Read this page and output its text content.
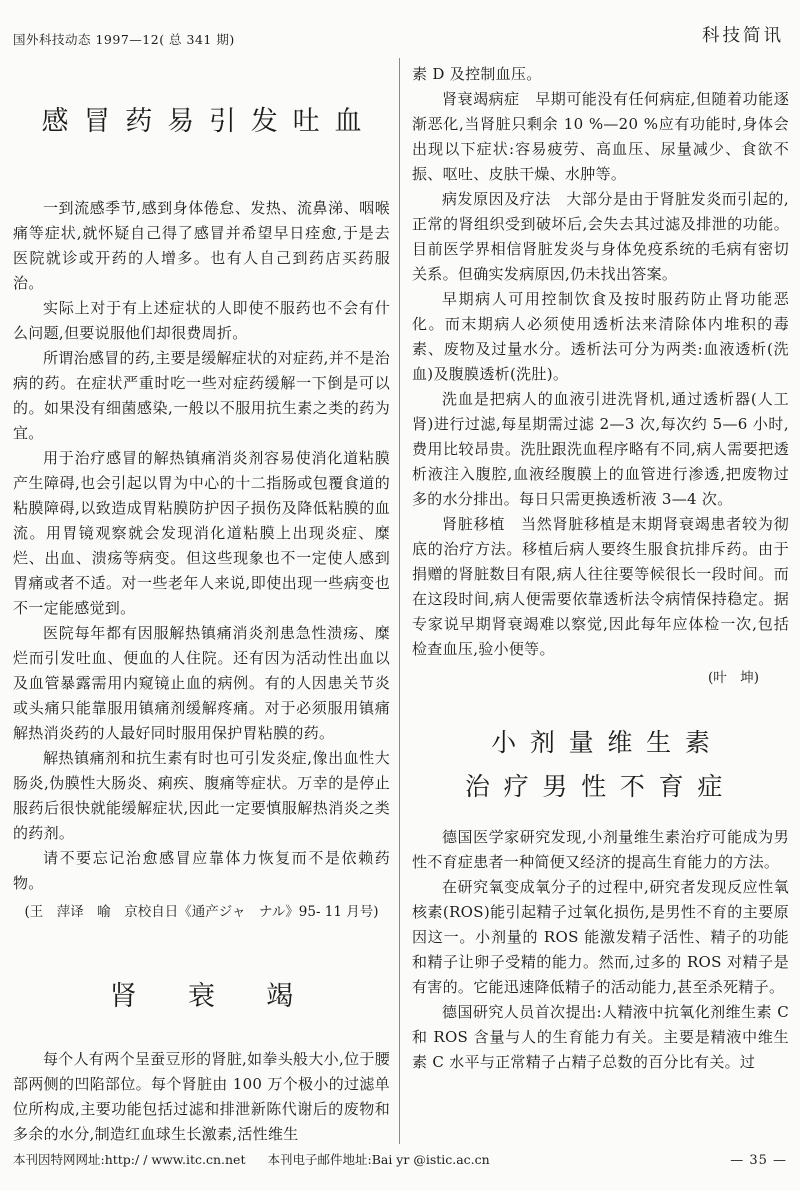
国外科技动态 1997—12( 总 341 期)	科技简讯
感冒药易引发吐血

一到流感季节,感到身体倦怠、发热、流鼻涕、咽喉痛等症状,就怀疑自己得了感冒并希望早日痊愈,于是去医院就诊或开药的人增多。也有人自己到药店买药服治。

实际上对于有上述症状的人即使不服药也不会有什么问题,但要说服他们却很费周折。

所谓治感冒的药,主要是缓解症状的对症药,并不是治病的药。在症状严重时吃一些对症药缓解一下倒是可以的。如果没有细菌感染,一般以不服用抗生素之类的药为宜。

用于治疗感冒的解热镇痛消炎剂容易使消化道粘膜产生障碍,也会引起以胃为中心的十二指肠或包覆食道的粘膜障碍,以致造成胃粘膜防护因子损伤及降低粘膜的血流。用胃镜观察就会发现消化道粘膜上出现炎症、糜烂、出血、溃疡等病变。但这些现象也不一定使人感到胃痛或者不适。对一些老年人来说,即使出现一些病变也不一定能感觉到。

医院每年都有因服解热镇痛消炎剂患急性溃疡、糜烂而引发吐血、便血的人住院。还有因为活动性出血以及血管暴露需用内窥镜止血的病例。有的人因患关节炎或头痛只能靠服用镇痛剂缓解疼痛。对于必须服用镇痛解热消炎药的人最好同时服用保护胃粘膜的药。

解热镇痛剂和抗生素有时也可引发炎症,像出血性大肠炎,伪膜性大肠炎、痢疾、腹痛等症状。万幸的是停止服药后很快就能缓解症状,因此一定要慎服解热消炎之类的药剂。

请不要忘记治愈感冒应靠体力恢复而不是依赖药物。

(王　萍译　喻　京校自日《通产ジャ　ナル》95- 11 月号)

肾衰竭

每个人有两个呈蚕豆形的肾脏,如拳头般大小,位于腰部两侧的凹陷部位。每个肾脏由 100 万个极小的过滤单位所构成,主要功能包括过滤和排泄新陈代谢后的废物和多余的水分,制造红血球生长激素,活性维生

素 D 及控制血压。

肾衰竭病症　早期可能没有任何病症,但随着功能逐渐恶化,当肾脏只剩余 10 %—20 %应有功能时,身体会出现以下症状:容易疲劳、高血压、尿量减少、食欲不振、呕吐、皮肤干燥、水肿等。

病发原因及疗法　大部分是由于肾脏发炎而引起的,正常的肾组织受到破坏后,会失去其过滤及排泄的功能。目前医学界相信肾脏发炎与身体免疫系统的毛病有密切关系。但确实发病原因,仍未找出答案。

早期病人可用控制饮食及按时服药防止肾功能恶化。而末期病人必须使用透析法来清除体内堆积的毒素、废物及过量水分。透析法可分为两类:血液透析(洗血)及腹膜透析(洗肚)。

洗血是把病人的血液引进洗肾机,通过透析器(人工肾)进行过滤,每星期需过滤 2—3 次,每次约 5—6 小时,费用比较昂贵。洗肚跟洗血程序略有不同,病人需要把透析液注入腹腔,血液经腹膜上的血管进行渗透,把废物过多的水分排出。每日只需更换透析液 3—4 次。

肾脏移植　当然肾脏移植是末期肾衰竭患者较为彻底的治疗方法。移植后病人要终生服食抗排斥药。由于捐赠的肾脏数目有限,病人往往要等候很长一段时间。而在这段时间,病人便需要依靠透析法令病情保持稳定。据专家说早期肾衰竭难以察觉,因此每年应体检一次,包括检查血压,验小便等。

(叶　坤)

小剂量维生素
治疗男性不育症

德国医学家研究发现,小剂量维生素治疗可能成为男性不育症患者一种简便又经济的提高生育能力的方法。

在研究氧变成氧分子的过程中,研究者发现反应性氧核素(ROS)能引起精子过氧化损伤,是男性不育的主要原因这一。小剂量的 ROS 能激发精子活性、精子的功能和精子让卵子受精的能力。然而,过多的 ROS 对精子是有害的。它能迅速降低精子的活动能力,甚至杀死精子。

德国研究人员首次提出:人精液中抗氧化剂维生素 C 和 ROS 含量与人的生育能力有关。主要是精液中维生素 C 水平与正常精子占精子总数的百分比有关。过

本刊因特网网址:http:/ / www.itc.cn.net 本刊电子邮件地址:Bai yr @istic.ac.cn	— 35 —
